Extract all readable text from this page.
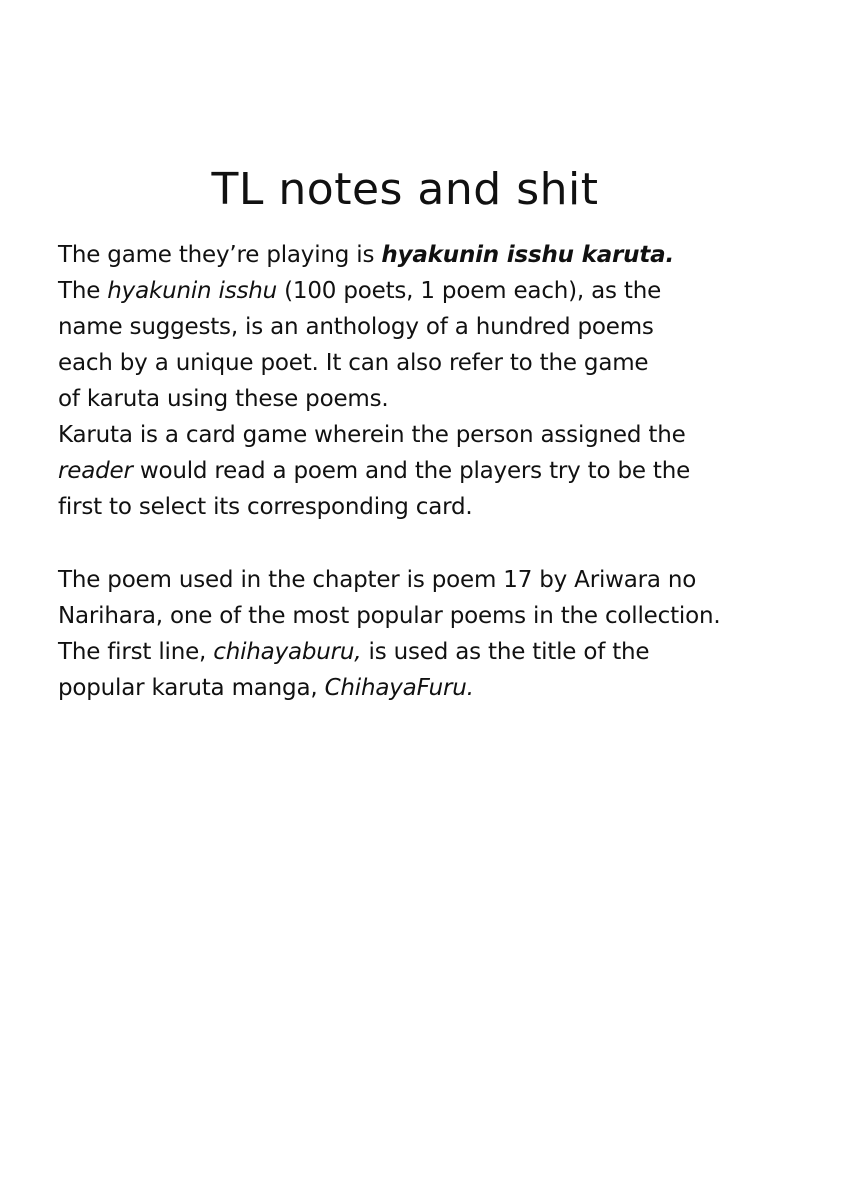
TL notes and shit
The game they’re playing is hyakunin isshu karuta.
The hyakunin isshu (100 poets, 1 poem each), as the
name suggests, is an anthology of a hundred poems
each by a unique poet. It can also refer to the game
of karuta using these poems.
Karuta is a card game wherein the person assigned the
reader would read a poem and the players try to be the
first to select its corresponding card.
The poem used in the chapter is poem 17 by Ariwara no
Narihara, one of the most popular poems in the collection.
The first line, chihayaburu, is used as the title of the
popular karuta manga, ChihayaFuru.
